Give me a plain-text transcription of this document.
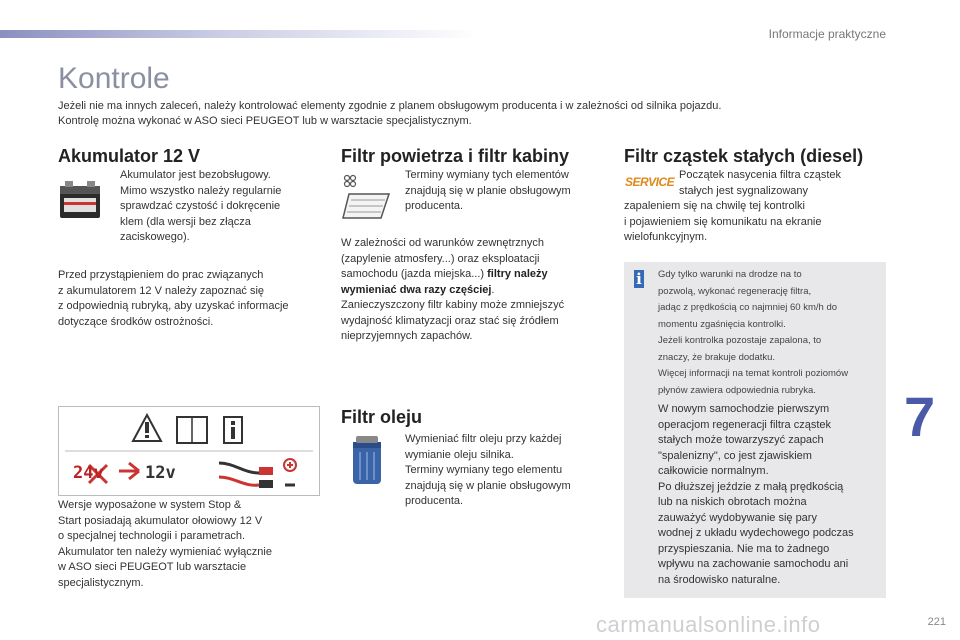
Informacje praktyczne
Kontrole

Jeżeli nie ma innych zaleceń, należy kontrolować elementy zgodnie z planem obsługowym producenta i w zależności od silnika pojazdu.

Kontrolę można wykonać w ASO sieci PEUGEOT lub w warsztacie specjalistycznym.

Akumulator 12 V

Akumulator jest bezobsługowy.

Mimo wszystko należy regularnie

sprawdzać czystość i dokręcenie

klem (dla wersji bez złącza

zaciskowego).

Przed przystąpieniem do prac związanych

z akumulatorem 12 V należy zapoznać się

z odpowiednią rubryką, aby uzyskać informacje

dotyczące środków ostrożności.

24v 12v

Wersje wyposażone w system Stop &

Start posiadają akumulator ołowiowy 12 V

o specjalnej technologii i parametrach.

Akumulator ten należy wymieniać wyłącznie

w ASO sieci PEUGEOT lub warsztacie

specjalistycznym.

Filtr powietrza i filtr kabiny

Terminy wymiany tych elementów

znajdują się w planie obsługowym

producenta.

W zależności od warunków zewnętrznych

(zapylenie atmosfery...) oraz eksploatacji

samochodu (jazda miejska...) filtry należy

wymieniać dwa razy częściej.

Zanieczyszczony filtr kabiny może zmniejszyć

wydajność klimatyzacji oraz stać się źródłem

nieprzyjemnych zapachów.

Filtr oleju

Wymieniać filtr oleju przy każdej

wymianie oleju silnika.

Terminy wymiany tego elementu

znajdują się w planie obsługowym

producenta.

Filtr cząstek stałych (diesel)
SERVICE Początek nasycenia filtra cząstek

stałych jest sygnalizowany

zapaleniem się na chwilę tej kontrolki

i pojawieniem się komunikatu na ekranie

wielofunkcyjnym.

i Gdy tylko warunki na drodze na to

pozwolą, wykonać regenerację filtra,

jadąc z prędkością co najmniej 60 km/h do

momentu zgaśnięcia kontrolki.

Jeżeli kontrolka pozostaje zapalona, to

znaczy, że brakuje dodatku.

Więcej informacji na temat kontroli poziomów

płynów zawiera odpowiednia rubryka.

W nowym samochodzie pierwszym

operacjom regeneracji filtra cząstek

stałych może towarzyszyć zapach

"spalenizny", co jest zjawiskiem

całkowicie normalnym.

Po dłuższej jeździe z małą prędkością

lub na niskich obrotach można

zauważyć wydobywanie się pary

wodnej z układu wydechowego podczas

przyspieszania. Nie ma to żadnego

wpływu na zachowanie samochodu ani

na środowisko naturalne.

7
carmanualsonline.info	221
